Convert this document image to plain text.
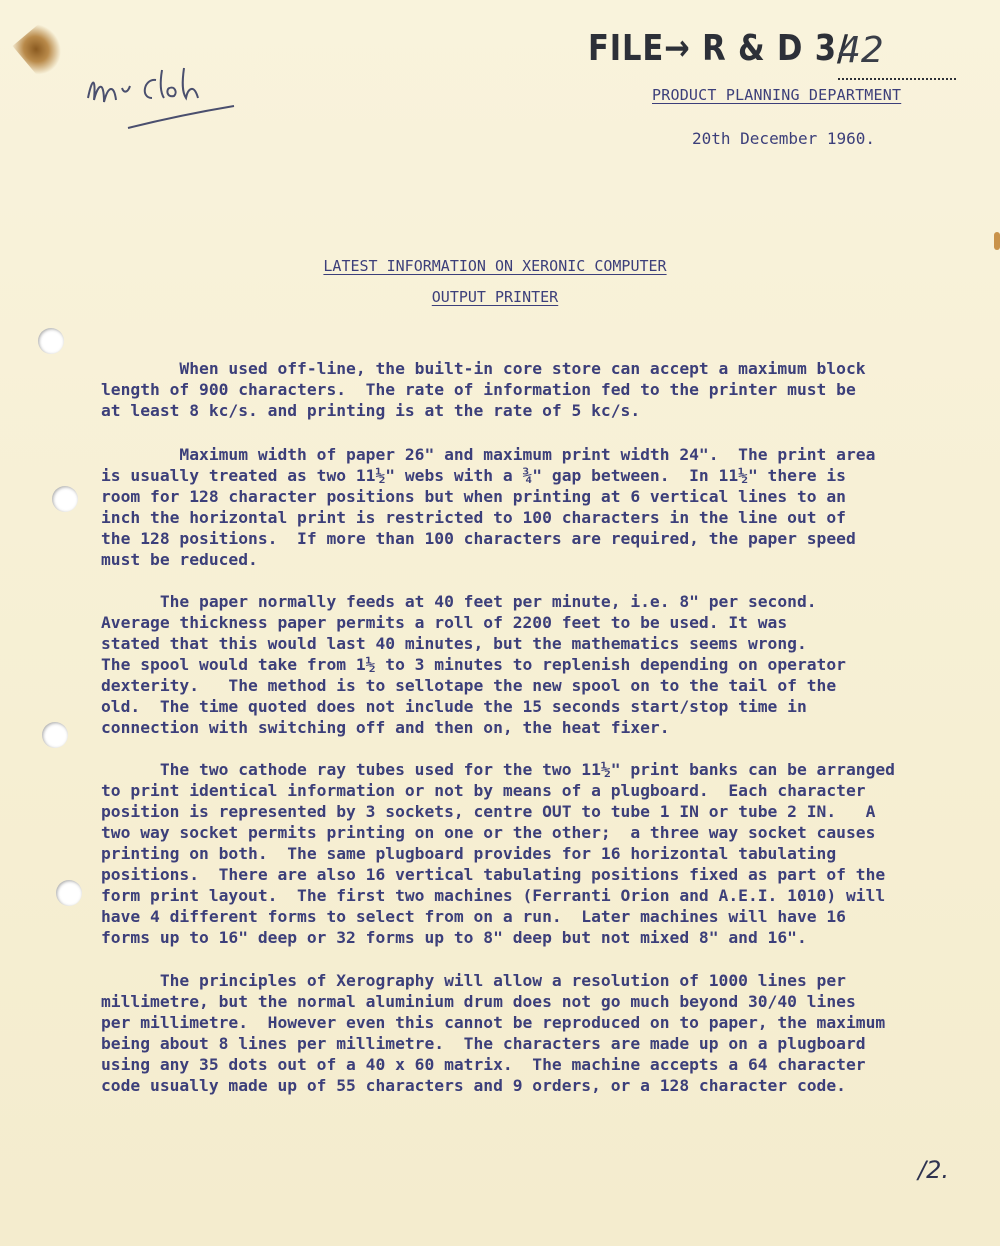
FILE→ R & D 3/
42
PRODUCT PLANNING DEPARTMENT
20th December 1960.
LATEST INFORMATION ON XERONIC COMPUTER
OUTPUT PRINTER
When used off-line, the built-in core store can accept a maximum block
length of 900 characters.  The rate of information fed to the printer must be
at least 8 kc/s. and printing is at the rate of 5 kc/s.
Maximum width of paper 26" and maximum print width 24".  The print area
is usually treated as two 11½" webs with a ¾" gap between.  In 11½" there is
room for 128 character positions but when printing at 6 vertical lines to an
inch the horizontal print is restricted to 100 characters in the line out of
the 128 positions.  If more than 100 characters are required, the paper speed
must be reduced.
The paper normally feeds at 40 feet per minute, i.e. 8" per second.
Average thickness paper permits a roll of 2200 feet to be used. It was
stated that this would last 40 minutes, but the mathematics seems wrong.
The spool would take from 1½ to 3 minutes to replenish depending on operator
dexterity.   The method is to sellotape the new spool on to the tail of the
old.  The time quoted does not include the 15 seconds start/stop time in
connection with switching off and then on, the heat fixer.
The two cathode ray tubes used for the two 11½" print banks can be arranged
to print identical information or not by means of a plugboard.  Each character
position is represented by 3 sockets, centre OUT to tube 1 IN or tube 2 IN.   A
two way socket permits printing on one or the other;  a three way socket causes
printing on both.  The same plugboard provides for 16 horizontal tabulating
positions.  There are also 16 vertical tabulating positions fixed as part of the
form print layout.  The first two machines (Ferranti Orion and A.E.I. 1010) will
have 4 different forms to select from on a run.  Later machines will have 16
forms up to 16" deep or 32 forms up to 8" deep but not mixed 8" and 16".
The principles of Xerography will allow a resolution of 1000 lines per
millimetre, but the normal aluminium drum does not go much beyond 30/40 lines
per millimetre.  However even this cannot be reproduced on to paper, the maximum
being about 8 lines per millimetre.  The characters are made up on a plugboard
using any 35 dots out of a 40 x 60 matrix.  The machine accepts a 64 character
code usually made up of 55 characters and 9 orders, or a 128 character code.
/2.
